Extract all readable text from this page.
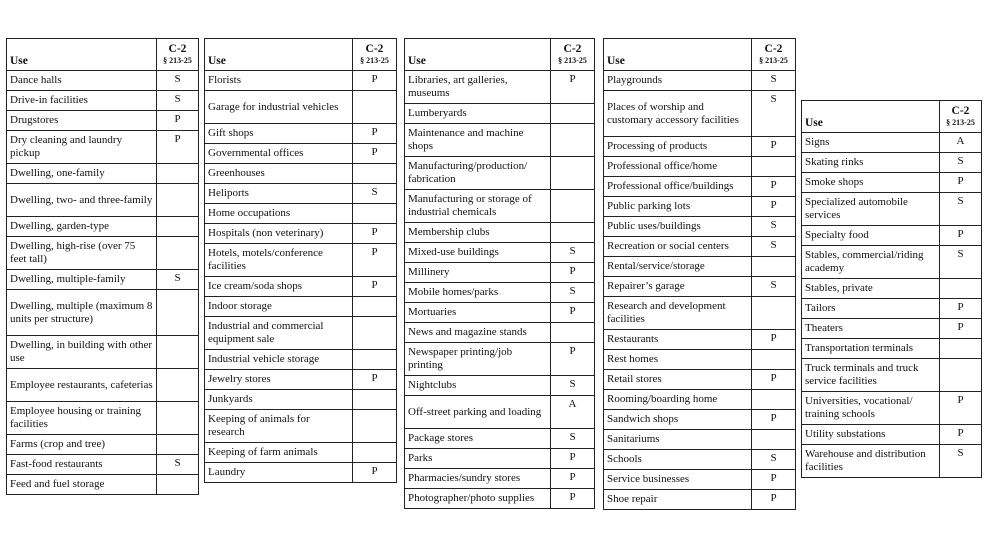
Use	C-2
§ 213-25

Dance halls	S
Drive-in facilities	S
Drugstores	P
Dry cleaning and laundry pickup	P
Dwelling, one-family	
Dwelling, two- and three-family	
Dwelling, garden-type	
Dwelling, high-rise (over 75 feet tall)	
Dwelling, multiple-family	S
Dwelling, multiple (maximum 8 units per structure)	
Dwelling, in building with other use	
Employee restaurants, cafeterias	
Employee housing or training facilities	
Farms (crop and tree)	
Fast-food restaurants	S
Feed and fuel storage	
Use	C-2
§ 213-25

Florists	P
Garage for industrial vehicles	
Gift shops	P
Governmental offices	P
Greenhouses	
Heliports	S
Home occupations	
Hospitals (non veterinary)	P
Hotels, motels/conference facilities	P
Ice cream/soda shops	P
Indoor storage	
Industrial and commercial equipment sale	
Industrial vehicle storage	
Jewelry stores	P
Junkyards	
Keeping of animals for research	
Keeping of farm animals	
Laundry	P
Use	C-2
§ 213-25

Libraries, art galleries, museums	P
Lumberyards	
Maintenance and machine shops	
Manufacturing/production/ fabrication	
Manufacturing or storage of industrial chemicals	
Membership clubs	
Mixed-use buildings	S
Millinery	P
Mobile homes/parks	S
Mortuaries	P
News and magazine stands	
Newspaper printing/job printing	P
Nightclubs	S
Off-street parking and loading	A
Package stores	S
Parks	P
Pharmacies/sundry stores	P
Photographer/photo supplies	P
Use	C-2
§ 213-25

Playgrounds	S
Places of worship and customary accessory facilities	S
Processing of products	P
Professional office/home	
Professional office/buildings	P
Public parking lots	P
Public uses/buildings	S
Recreation or social centers	S
Rental/service/storage	
Repairer’s garage	S
Research and development facilities	
Restaurants	P
Rest homes	
Retail stores	P
Rooming/boarding home	
Sandwich shops	P
Sanitariums	
Schools	S
Service businesses	P
Shoe repair	P
Use	C-2
§ 213-25

Signs	A
Skating rinks	S
Smoke shops	P
Specialized automobile services	S
Specialty food	P
Stables, commercial/riding academy	S
Stables, private	
Tailors	P
Theaters	P
Transportation terminals	
Truck terminals and truck service facilities	
Universities, vocational/ training schools	P
Utility substations	P
Warehouse and distribution facilities	S
